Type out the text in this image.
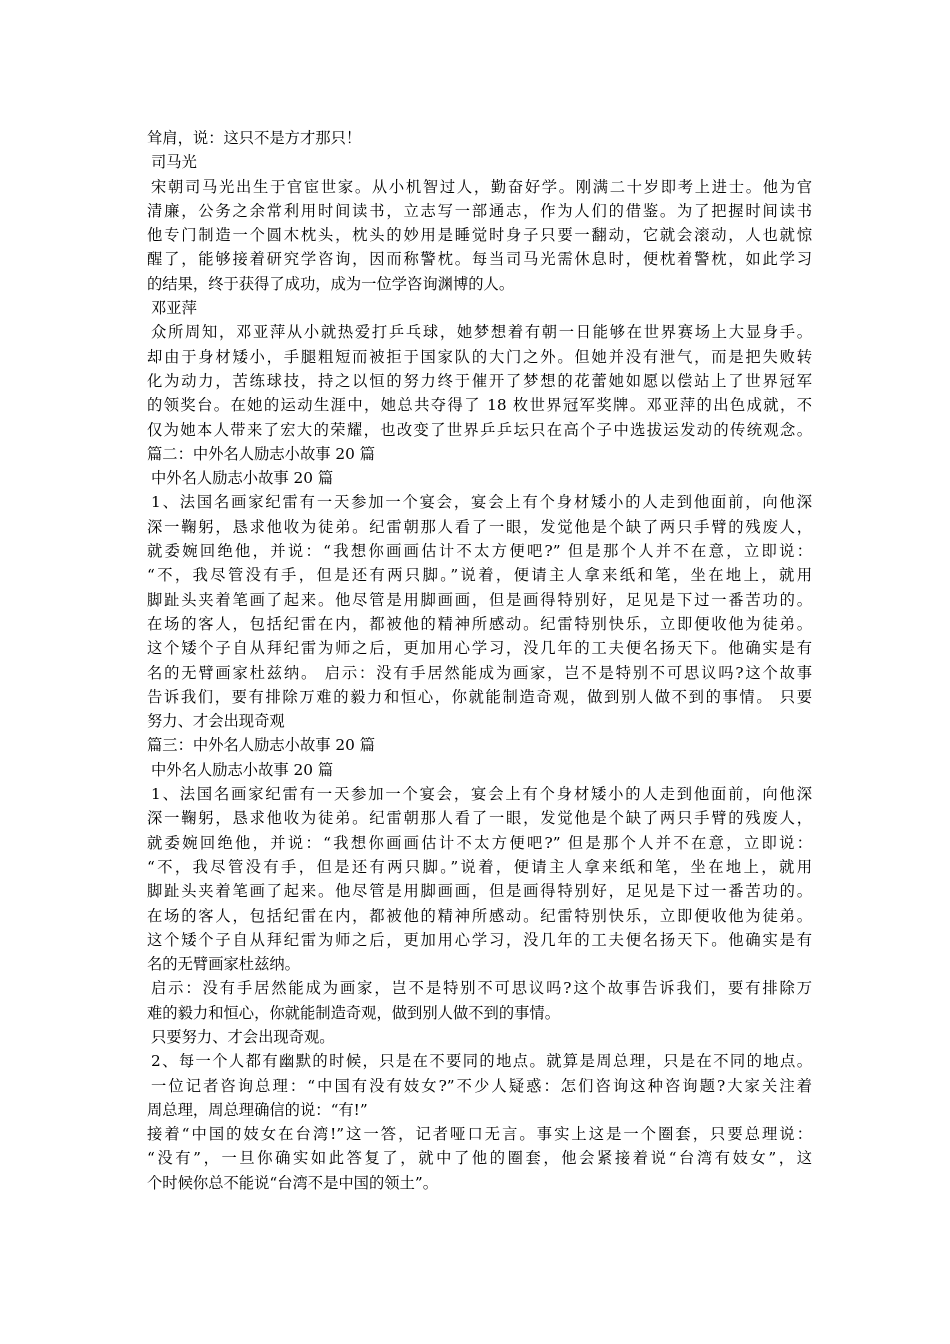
耸肩，说：这只不是方才那只！
司马光
宋朝司马光出生于官宦世家。从小机智过人，勤奋好学。刚满二十岁即考上进士。他为官
清廉，公务之余常利用时间读书，立志写一部通志，作为人们的借鉴。为了把握时间读书
他专门制造一个圆木枕头，枕头的妙用是睡觉时身子只要一翻动，它就会滚动，人也就惊
醒了，能够接着研究学咨询，因而称警枕。每当司马光需休息时，便枕着警枕，如此学习
的结果，终于获得了成功，成为一位学咨询渊博的人。
邓亚萍
众所周知，邓亚萍从小就热爱打乒乓球，她梦想着有朝一日能够在世界赛场上大显身手。
却由于身材矮小，手腿粗短而被拒于国家队的大门之外。但她并没有泄气，而是把失败转
化为动力，苦练球技，持之以恒的努力终于催开了梦想的花蕾她如愿以偿站上了世界冠军
的领奖台。在她的运动生涯中，她总共夺得了 18 枚世界冠军奖牌。邓亚萍的出色成就，不
仅为她本人带来了宏大的荣耀，也改变了世界乒乒坛只在高个子中选拔运发动的传统观念。
篇二：中外名人励志小故事 20 篇
中外名人励志小故事 20 篇
1、法国名画家纪雷有一天参加一个宴会，宴会上有个身材矮小的人走到他面前，向他深
深一鞠躬，恳求他收为徒弟。纪雷朝那人看了一眼，发觉他是个缺了两只手臂的残废人，
就委婉回绝他，并说：“我想你画画估计不太方便吧?” 但是那个人并不在意，立即说：
“不，我尽管没有手，但是还有两只脚。”说着，便请主人拿来纸和笔，坐在地上，就用
脚趾头夹着笔画了起来。他尽管是用脚画画，但是画得特别好，足见是下过一番苦功的。
在场的客人，包括纪雷在内，都被他的精神所感动。纪雷特别快乐，立即便收他为徒弟。
这个矮个子自从拜纪雷为师之后，更加用心学习，没几年的工夫便名扬天下。他确实是有
名的无臂画家杜兹纳。 启示：没有手居然能成为画家，岂不是特别不可思议吗?这个故事
告诉我们，要有排除万难的毅力和恒心，你就能制造奇观，做到别人做不到的事情。 只要
努力、才会出现奇观
篇三：中外名人励志小故事 20 篇
中外名人励志小故事 20 篇
1、法国名画家纪雷有一天参加一个宴会，宴会上有个身材矮小的人走到他面前，向他深
深一鞠躬，恳求他收为徒弟。纪雷朝那人看了一眼，发觉他是个缺了两只手臂的残废人，
就委婉回绝他，并说：“我想你画画估计不太方便吧?” 但是那个人并不在意，立即说：
“不，我尽管没有手，但是还有两只脚。”说着，便请主人拿来纸和笔，坐在地上，就用
脚趾头夹着笔画了起来。他尽管是用脚画画，但是画得特别好，足见是下过一番苦功的。
在场的客人，包括纪雷在内，都被他的精神所感动。纪雷特别快乐，立即便收他为徒弟。
这个矮个子自从拜纪雷为师之后，更加用心学习，没几年的工夫便名扬天下。他确实是有
名的无臂画家杜兹纳。
启示：没有手居然能成为画家，岂不是特别不可思议吗?这个故事告诉我们，要有排除万
难的毅力和恒心，你就能制造奇观，做到别人做不到的事情。
只要努力、才会出现奇观。
2、每一个人都有幽默的时候，只是在不要同的地点。就算是周总理，只是在不同的地点。
一位记者咨询总理：“中国有没有妓女?”不少人疑惑：怎们咨询这种咨询题?大家关注着
周总理，周总理确信的说：“有!”
接着“中国的妓女在台湾!”这一答，记者哑口无言。事实上这是一个圈套，只要总理说：
“没有”，一旦你确实如此答复了，就中了他的圈套，他会紧接着说“台湾有妓女”，这
个时候你总不能说“台湾不是中国的领土”。
